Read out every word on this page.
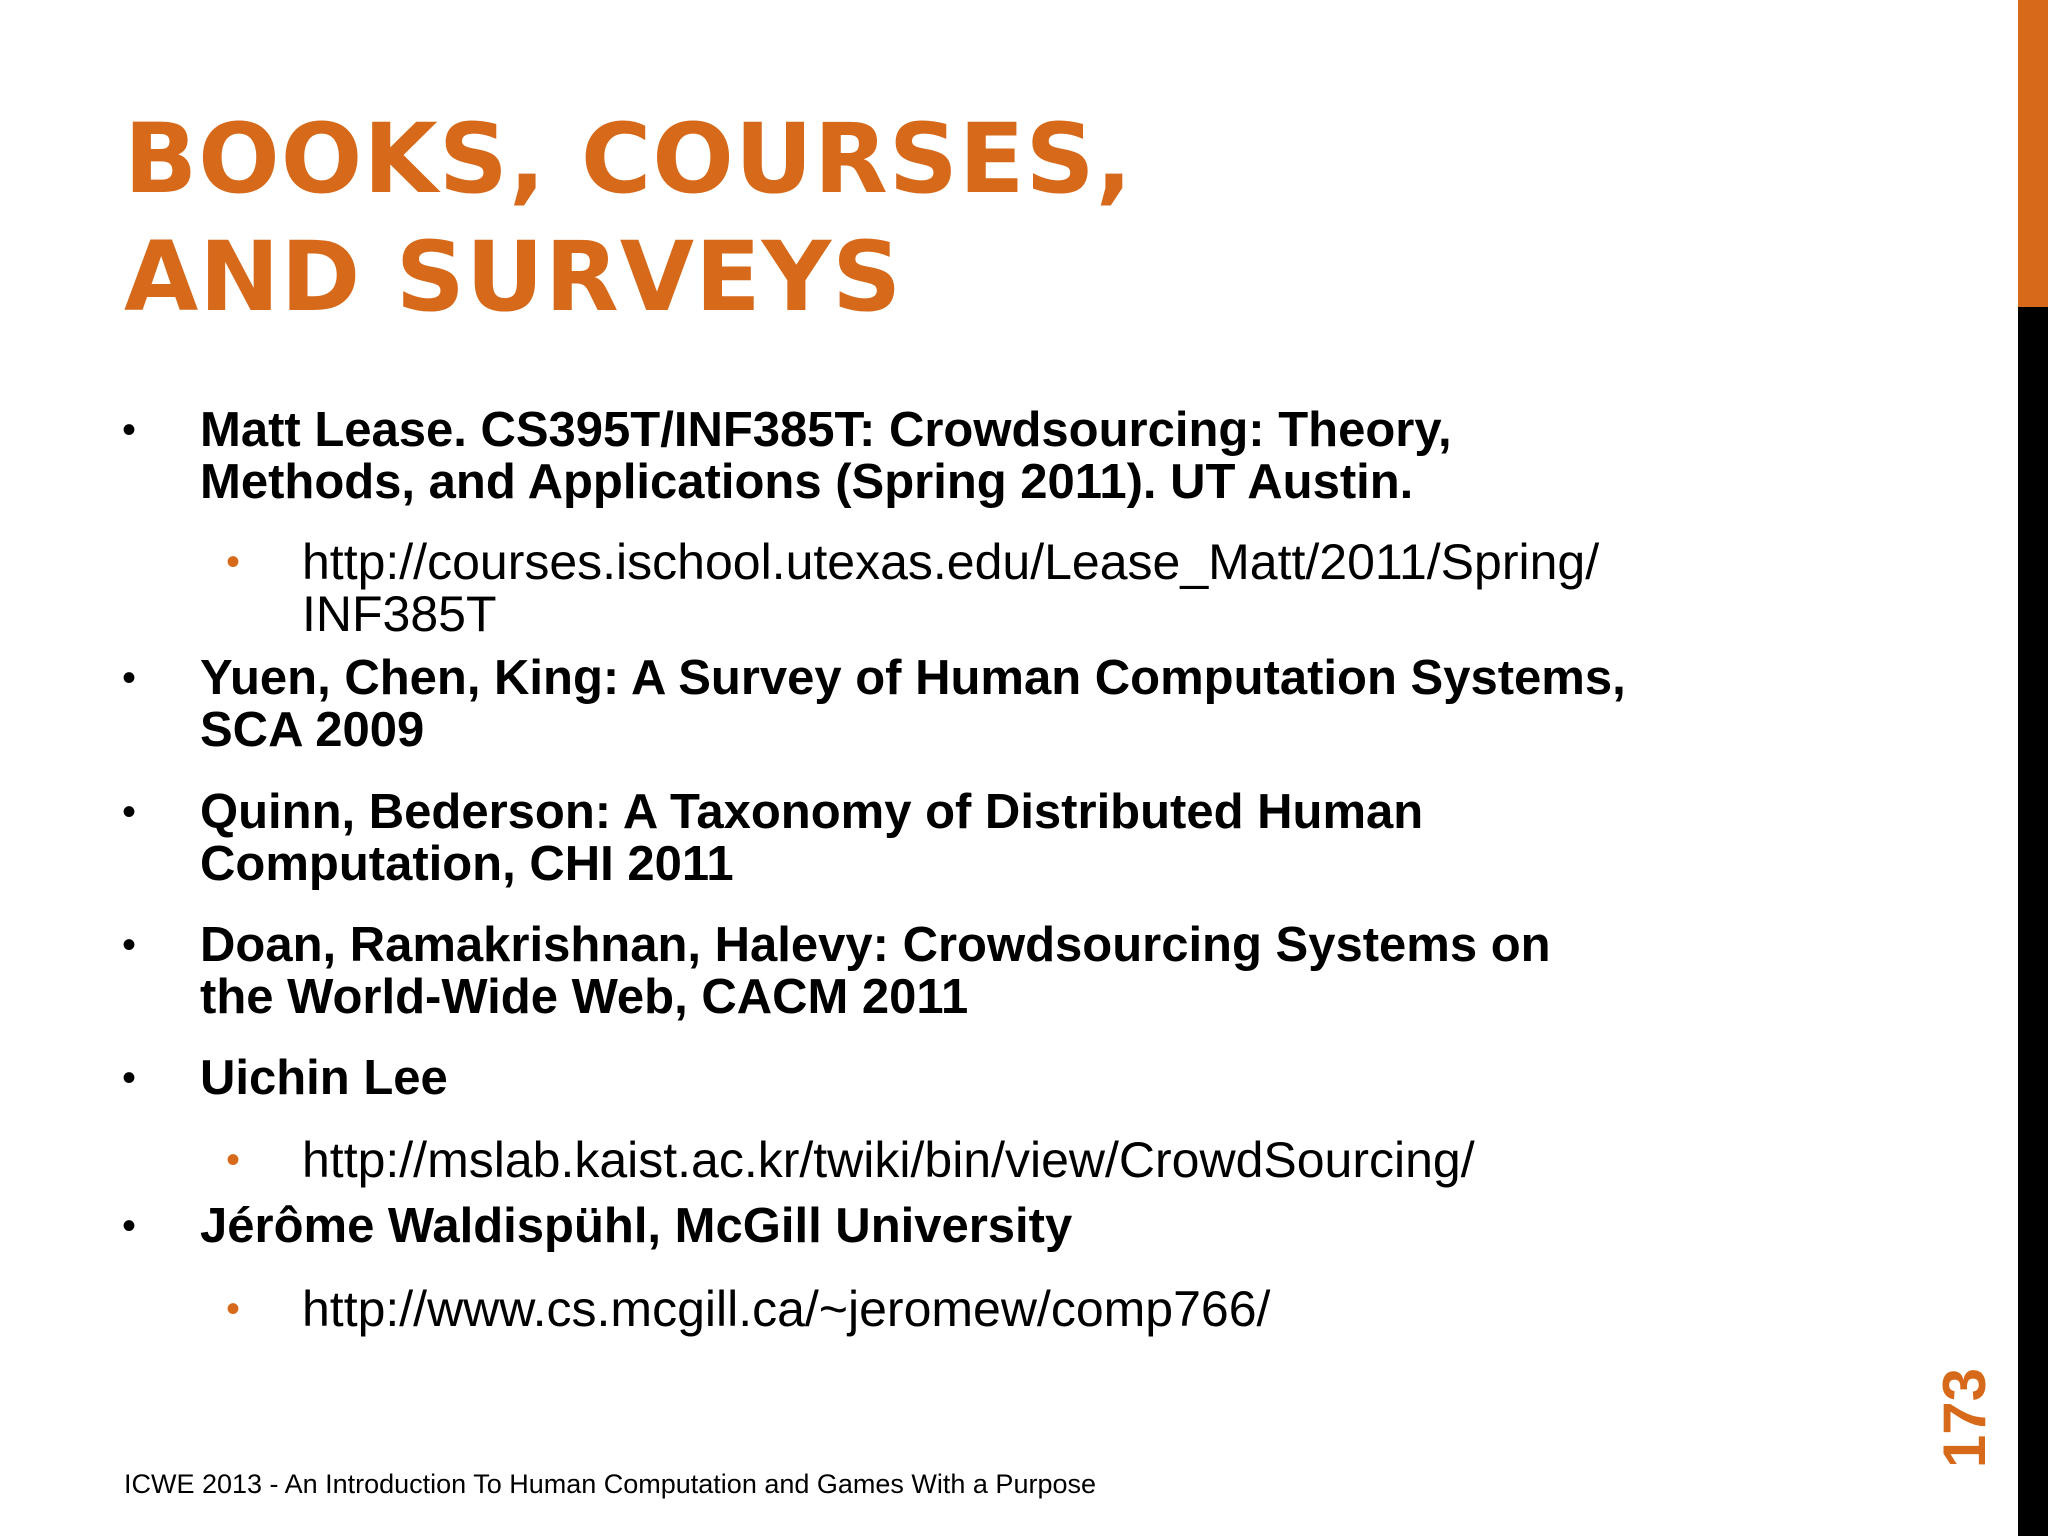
BOOKS, COURSES,
AND SURVEYS
• Matt Lease. CS395T/INF385T: Crowdsourcing: Theory,
Methods, and Applications (Spring 2011). UT Austin.
• http://courses.ischool.utexas.edu/Lease_Matt/2011/Spring/
INF385T
• Yuen, Chen, King: A Survey of Human Computation Systems,
SCA 2009
• Quinn, Bederson: A Taxonomy of Distributed Human
Computation, CHI 2011
• Doan, Ramakrishnan, Halevy: Crowdsourcing Systems on
the World-Wide Web, CACM 2011
• Uichin Lee
• http://mslab.kaist.ac.kr/twiki/bin/view/CrowdSourcing/
• Jérôme Waldispühl, McGill University
• http://www.cs.mcgill.ca/~jeromew/comp766/
ICWE 2013 - An Introduction To Human Computation and Games With a Purpose
173
